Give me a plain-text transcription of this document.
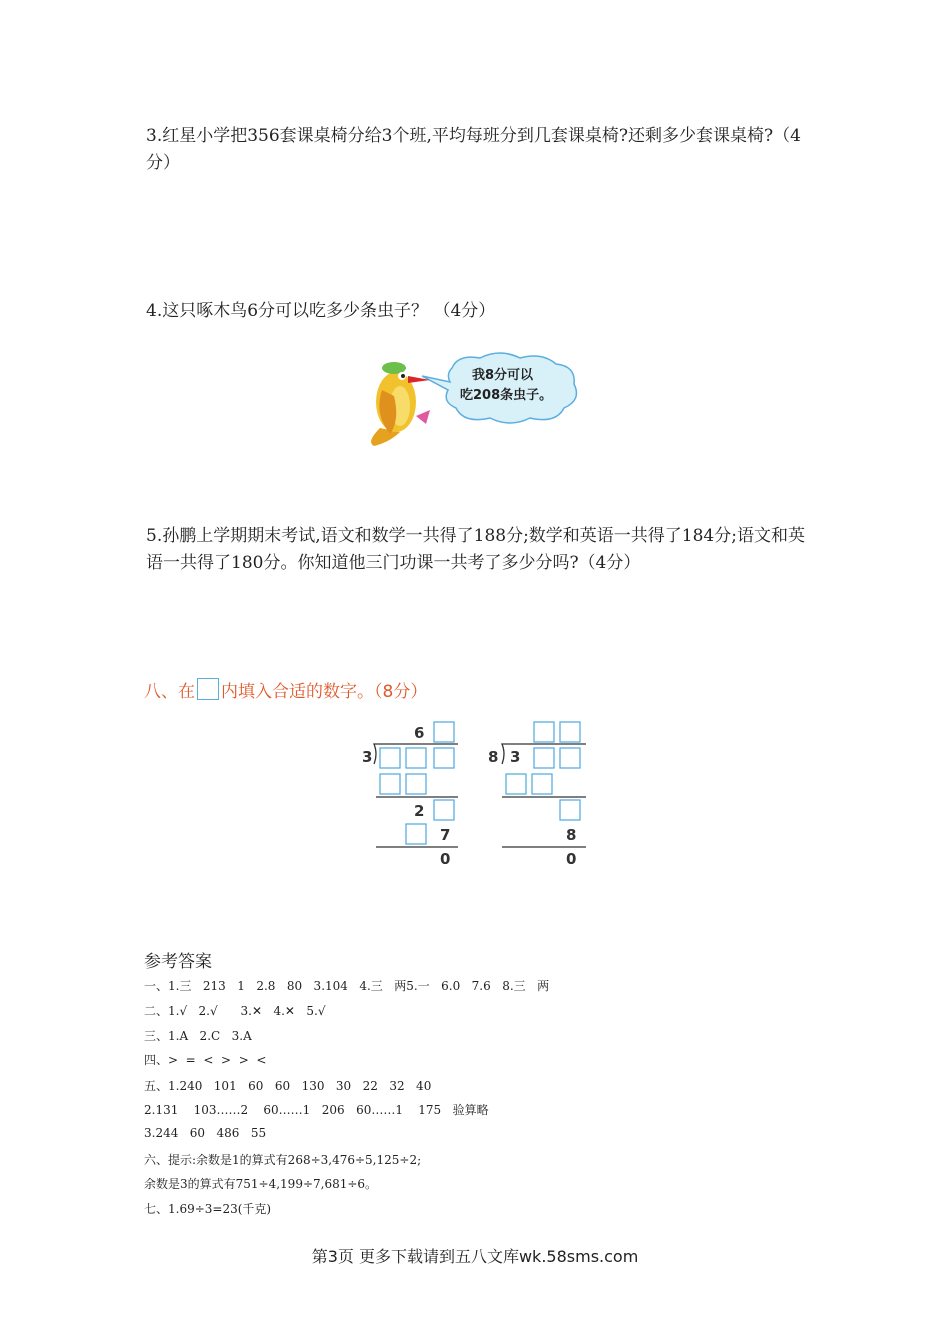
3.红星小学把356套课桌椅分给3个班,平均每班分到几套课桌椅?还剩多少套课桌椅?（4分）
4.这只啄木鸟6分可以吃多少条虫子？ （4分）
我8分可以
吃208条虫子。
5.孙鹏上学期期末考试,语文和数学一共得了188分;数学和英语一共得了184分;语文和英语一共得了180分。你知道他三门功课一共考了多少分吗?（4分）
八、在 内填入合适的数字。（8分）
6
3
2
7
0
8 3
8
0
参考答案
一、1.三   213   1   2.8   80   3.104   4.三   两5.一   6.0   7.6   8.三   两
二、1.√   2.√      3.✕   4.✕   5.√
三、1.A   2.C   3.A
四、>  =  <  >  >  <
五、1.240   101   60   60   130   30   22   32   40
2.131    103……2    60……1   206   60……1    175   验算略
3.244   60   486   55
六、提示:余数是1的算式有268÷3,476÷5,125÷2;
余数是3的算式有751÷4,199÷7,681÷6。
七、1.69÷3=23(千克)
第3页 更多下载请到五八文库wk.58sms.com
